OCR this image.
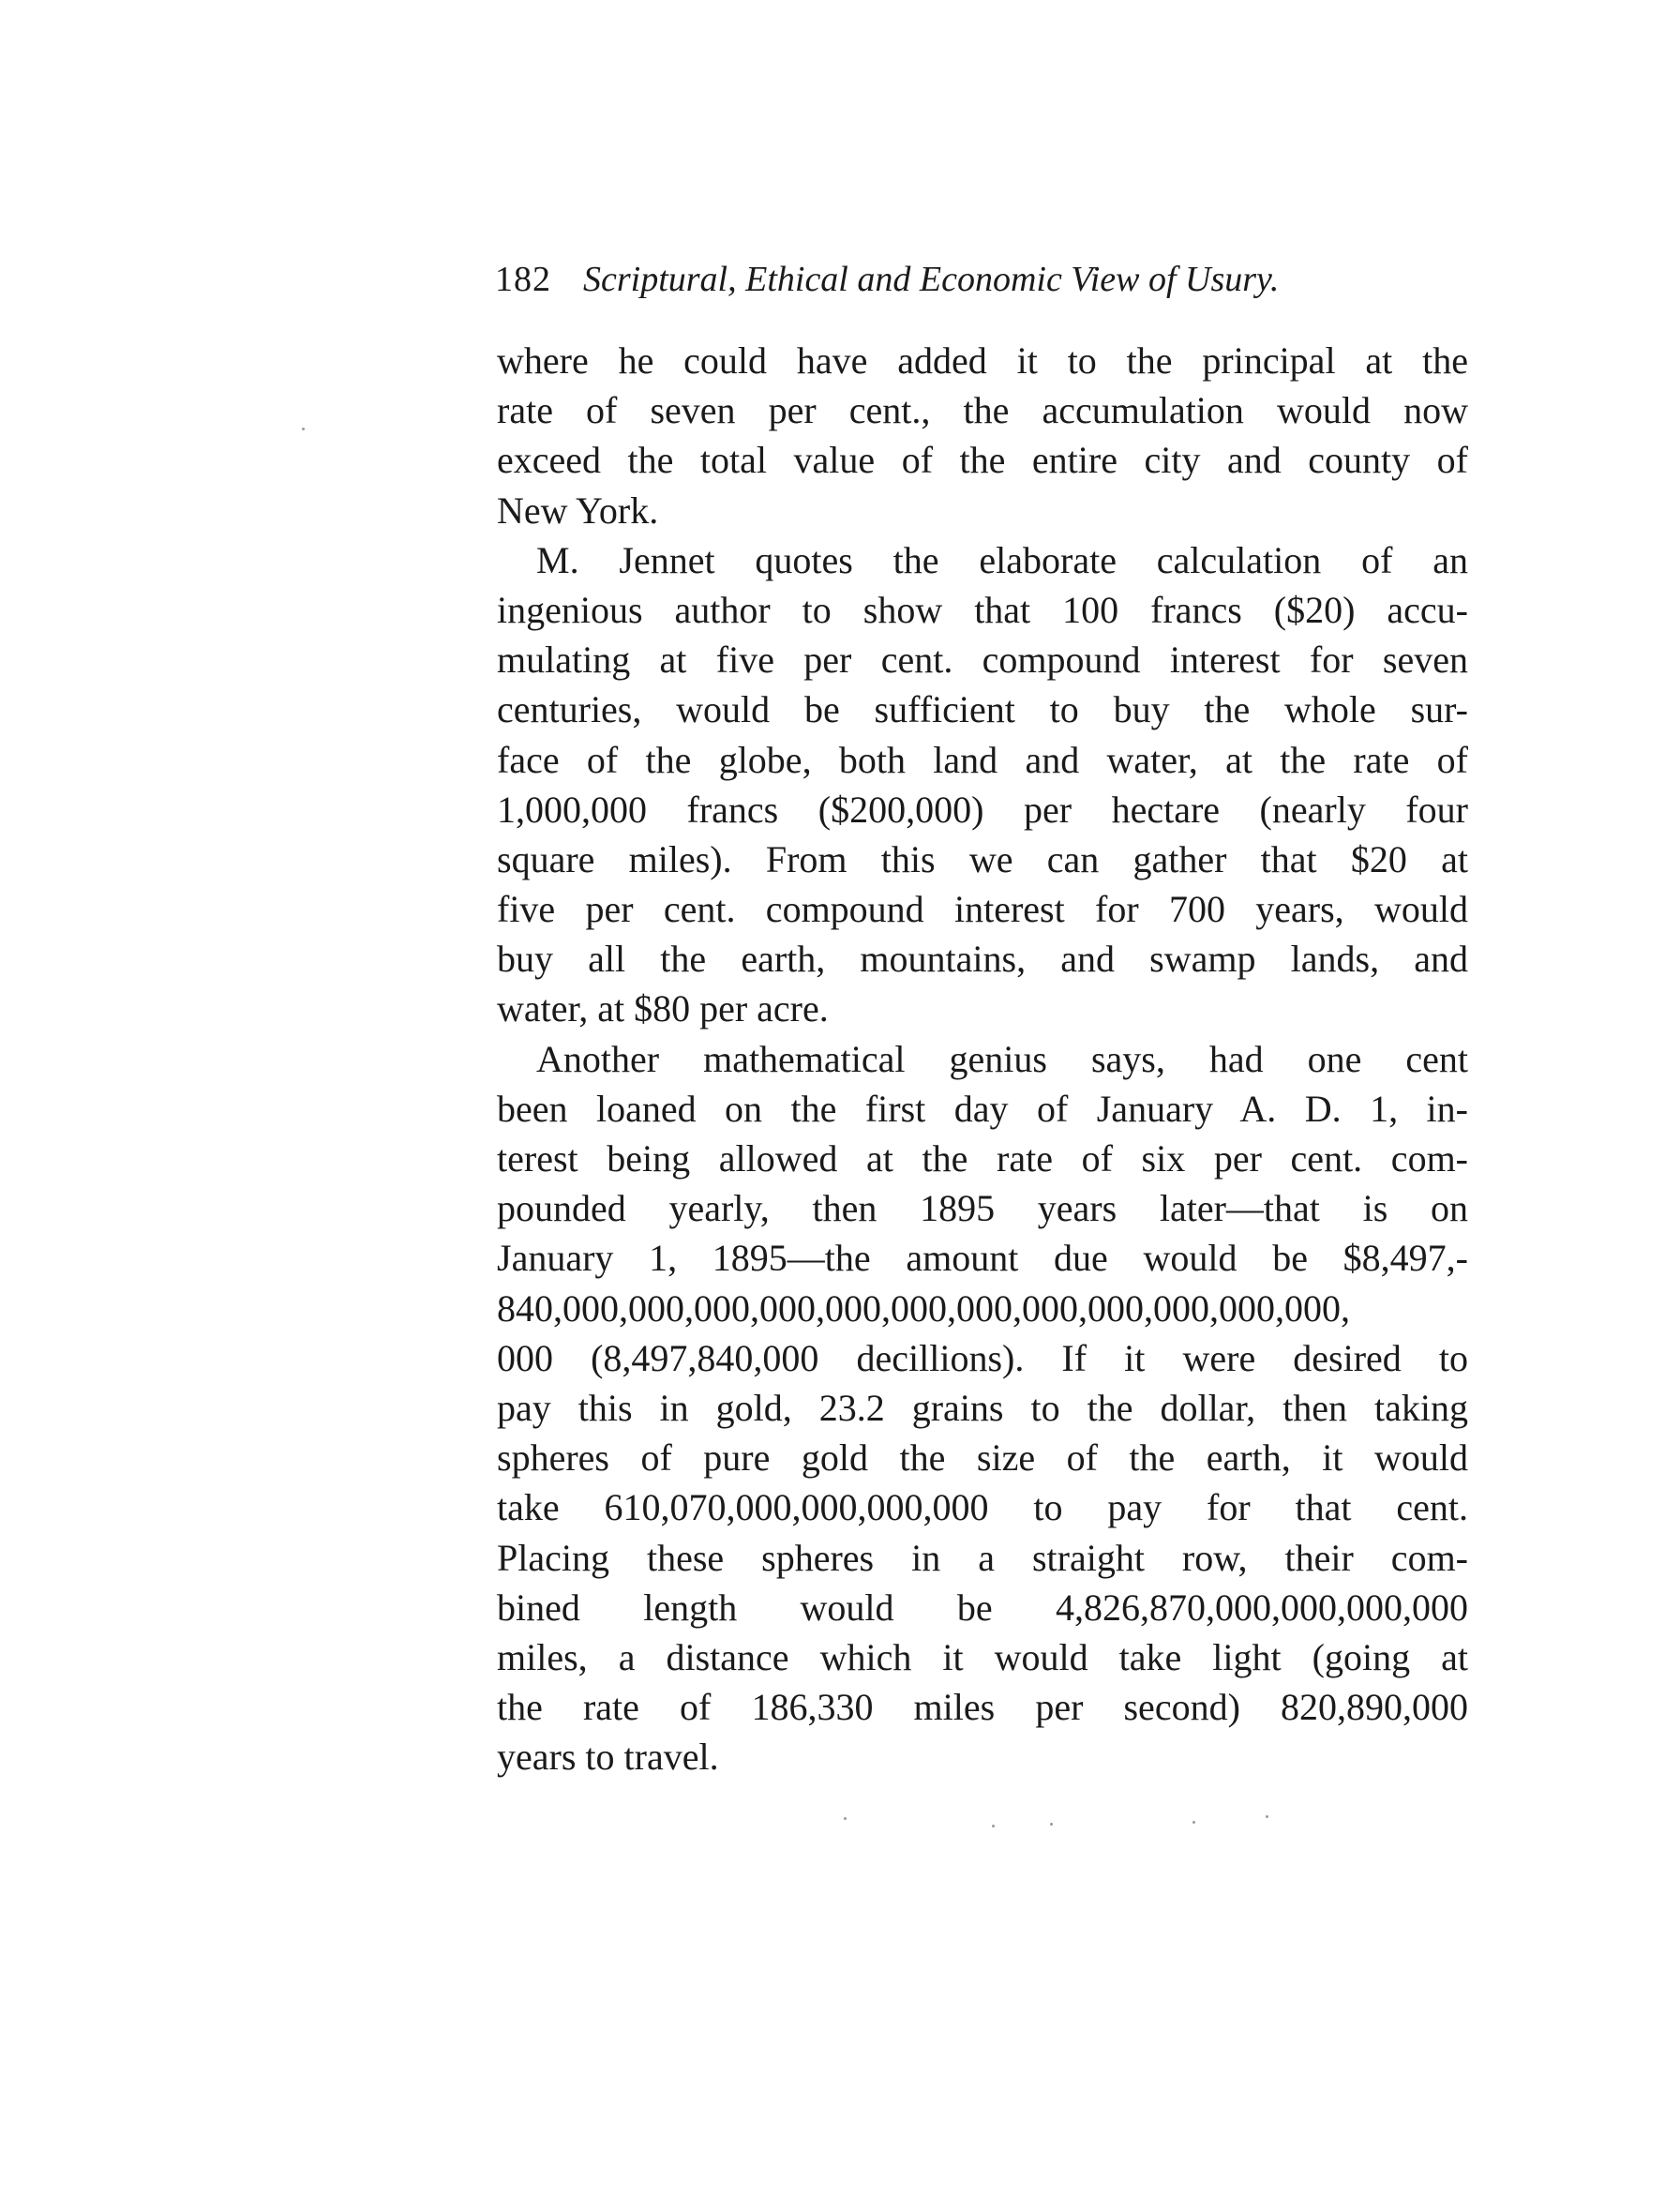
182 Scriptural, Ethical and Economic View of Usury.
where he could have added it to the principal at the
rate of seven per cent., the accumulation would now
exceed the total value of the entire city and county of
New York.
M. Jennet quotes the elaborate calculation of an
ingenious author to show that 100 francs ($20) accu-
mulating at five per cent. compound interest for seven
centuries, would be sufficient to buy the whole sur-
face of the globe, both land and water, at the rate of
1,000,000 francs ($200,000) per hectare (nearly four
square miles). From this we can gather that $20 at
five per cent. compound interest for 700 years, would
buy all the earth, mountains, and swamp lands, and
water, at $80 per acre.
Another mathematical genius says, had one cent
been loaned on the first day of January A. D. 1, in-
terest being allowed at the rate of six per cent. com-
pounded yearly, then 1895 years later—that is on
January 1, 1895—the amount due would be $8,497,-
840,000,000,000,000,000,000,000,000,000,000,000,000,
000 (8,497,840,000 decillions). If it were desired to
pay this in gold, 23.2 grains to the dollar, then taking
spheres of pure gold the size of the earth, it would
take 610,070,000,000,000,000 to pay for that cent.
Placing these spheres in a straight row, their com-
bined length would be 4,826,870,000,000,000,000
miles, a distance which it would take light (going at
the rate of 186,330 miles per second) 820,890,000
years to travel.
